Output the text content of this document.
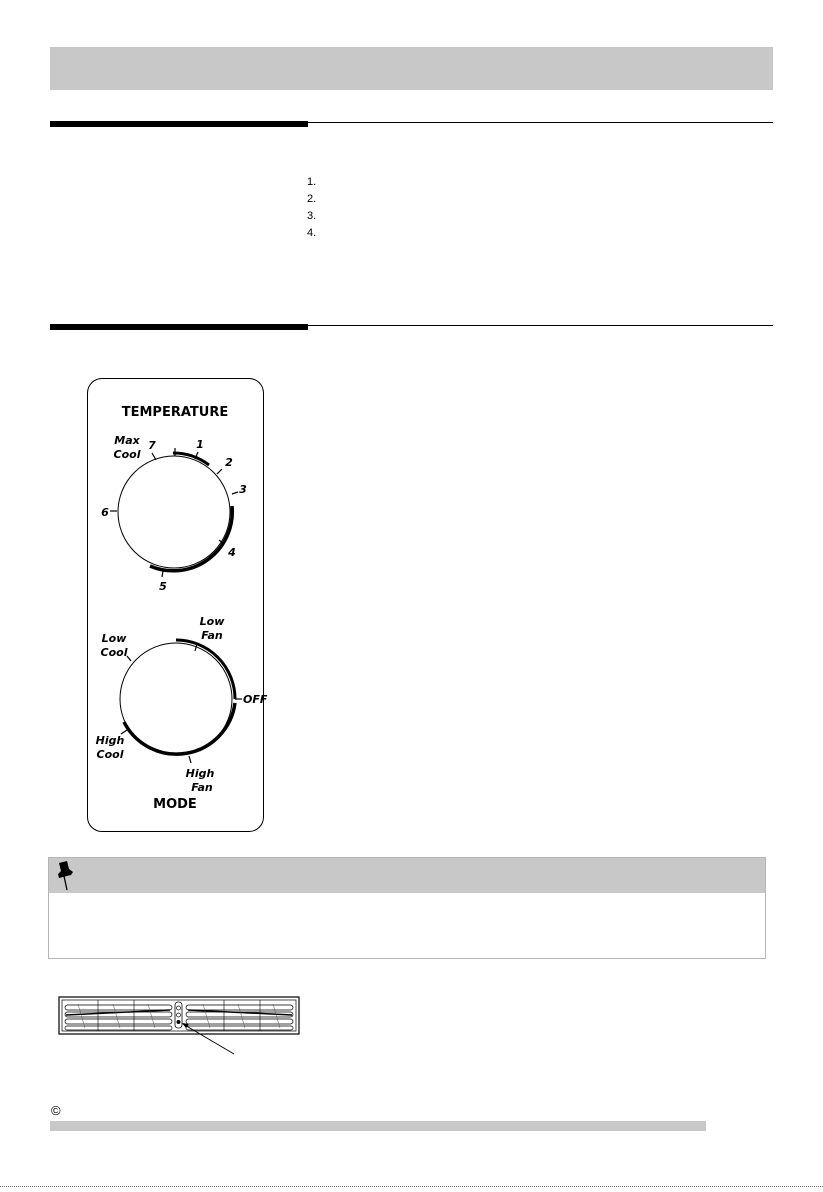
1.
2.
3.
4.
TEMPERATURE
Max
Cool
7	1
2
3
4
5
6
Low
Fan
OFF
High
Fan
High
Cool
Low
Cool
MODE
©
